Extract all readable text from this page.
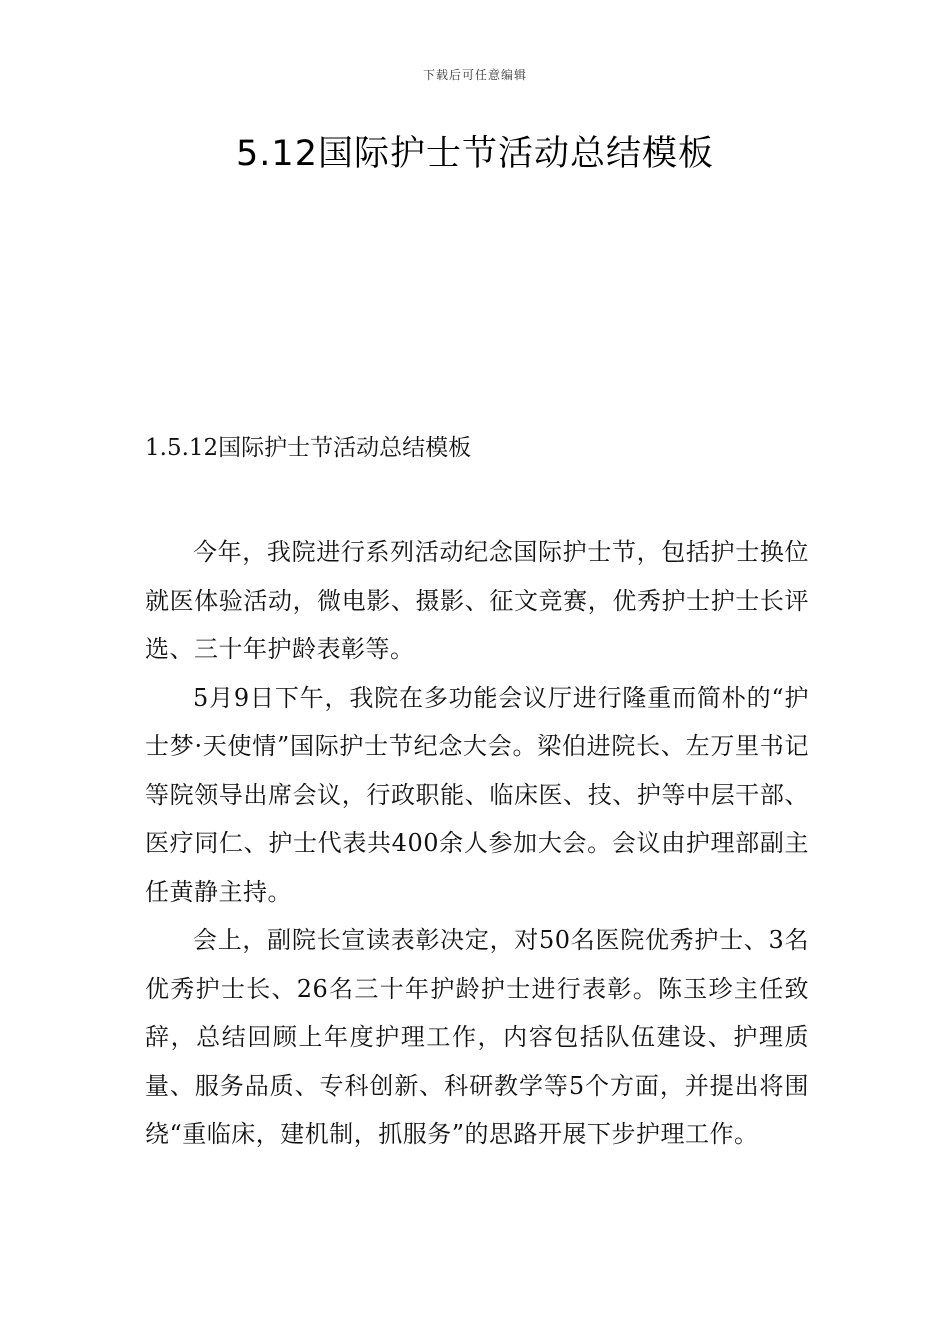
下载后可任意编辑
5.12国际护士节活动总结模板
1.5.12国际护士节活动总结模板

今年，我院进行系列活动纪念国际护士节，包括护士换位就医体验活动，微电影、摄影、征文竞赛，优秀护士护士长评选、三十年护龄表彰等。

5月9日下午，我院在多功能会议厅进行隆重而简朴的“护士梦·天使情”国际护士节纪念大会。梁伯进院长、左万里书记等院领导出席会议，行政职能、临床医、技、护等中层干部、医疗同仁、护士代表共400余人参加大会。会议由护理部副主任黄静主持。

会上，副院长宣读表彰决定，对50名医院优秀护士、3名优秀护士长、26名三十年护龄护士进行表彰。陈玉珍主任致辞，总结回顾上年度护理工作，内容包括队伍建设、护理质量、服务品质、专科创新、科研教学等5个方面，并提出将围绕“重临床，建机制，抓服务”的思路开展下步护理工作。
